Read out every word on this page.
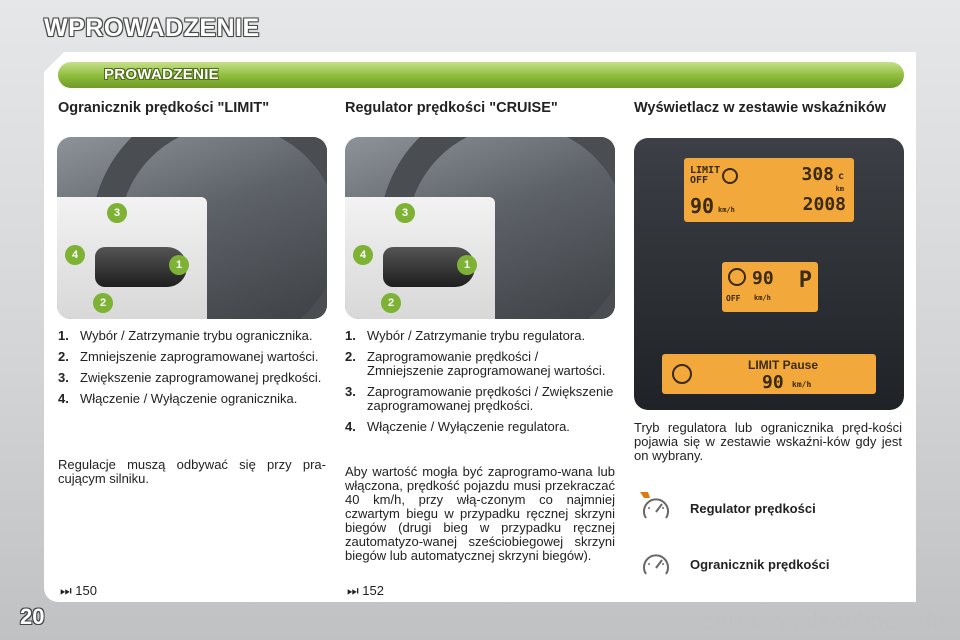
WPROWADZENIE
PROWADZENIE
Ogranicznik prędkości "LIMIT"
3
4
1
2
1. Wybór / Zatrzymanie trybu ogranicznika.
2. Zmniejszenie zaprogramowanej wartości.
3. Zwiększenie zaprogramowanej prędkości.
4. Włączenie / Wyłączenie ogranicznika.
Regulacje muszą odbywać się przy pra-cującym silniku.
⏭ 150
Regulator prędkości "CRUISE"
3
4
1
2
1. Wybór / Zatrzymanie trybu regulatora.
2. Zaprogramowanie prędkości / Zmniejszenie zaprogramowanej wartości.
3. Zaprogramowanie prędkości / Zwiększenie zaprogramowanej prędkości.
4. Włączenie / Wyłączenie regulatora.
Aby wartość mogła być zaprogramo-wana lub włączona, prędkość pojazdu musi przekraczać 40 km/h, przy włą-czonym co najmniej czwartym biegu w przypadku ręcznej skrzyni biegów (drugi bieg w przypadku ręcznej zautomatyzo-wanej sześciobiegowej skrzyni biegów lub automatycznej skrzyni biegów).
⏭ 152
Wyświetlacz w zestawie wskaźników
LIMIT
OFF	308 c
km
90 km/h	2008
OFF
90
km/h
P
LIMIT Pause
90 km/h
Tryb regulatora lub ogranicznika pręd-kości pojawia się w zestawie wskaźni-ków gdy jest on wybrany.
Regulator prędkości
Ogranicznik prędkości
20	carmanualsonline.info
